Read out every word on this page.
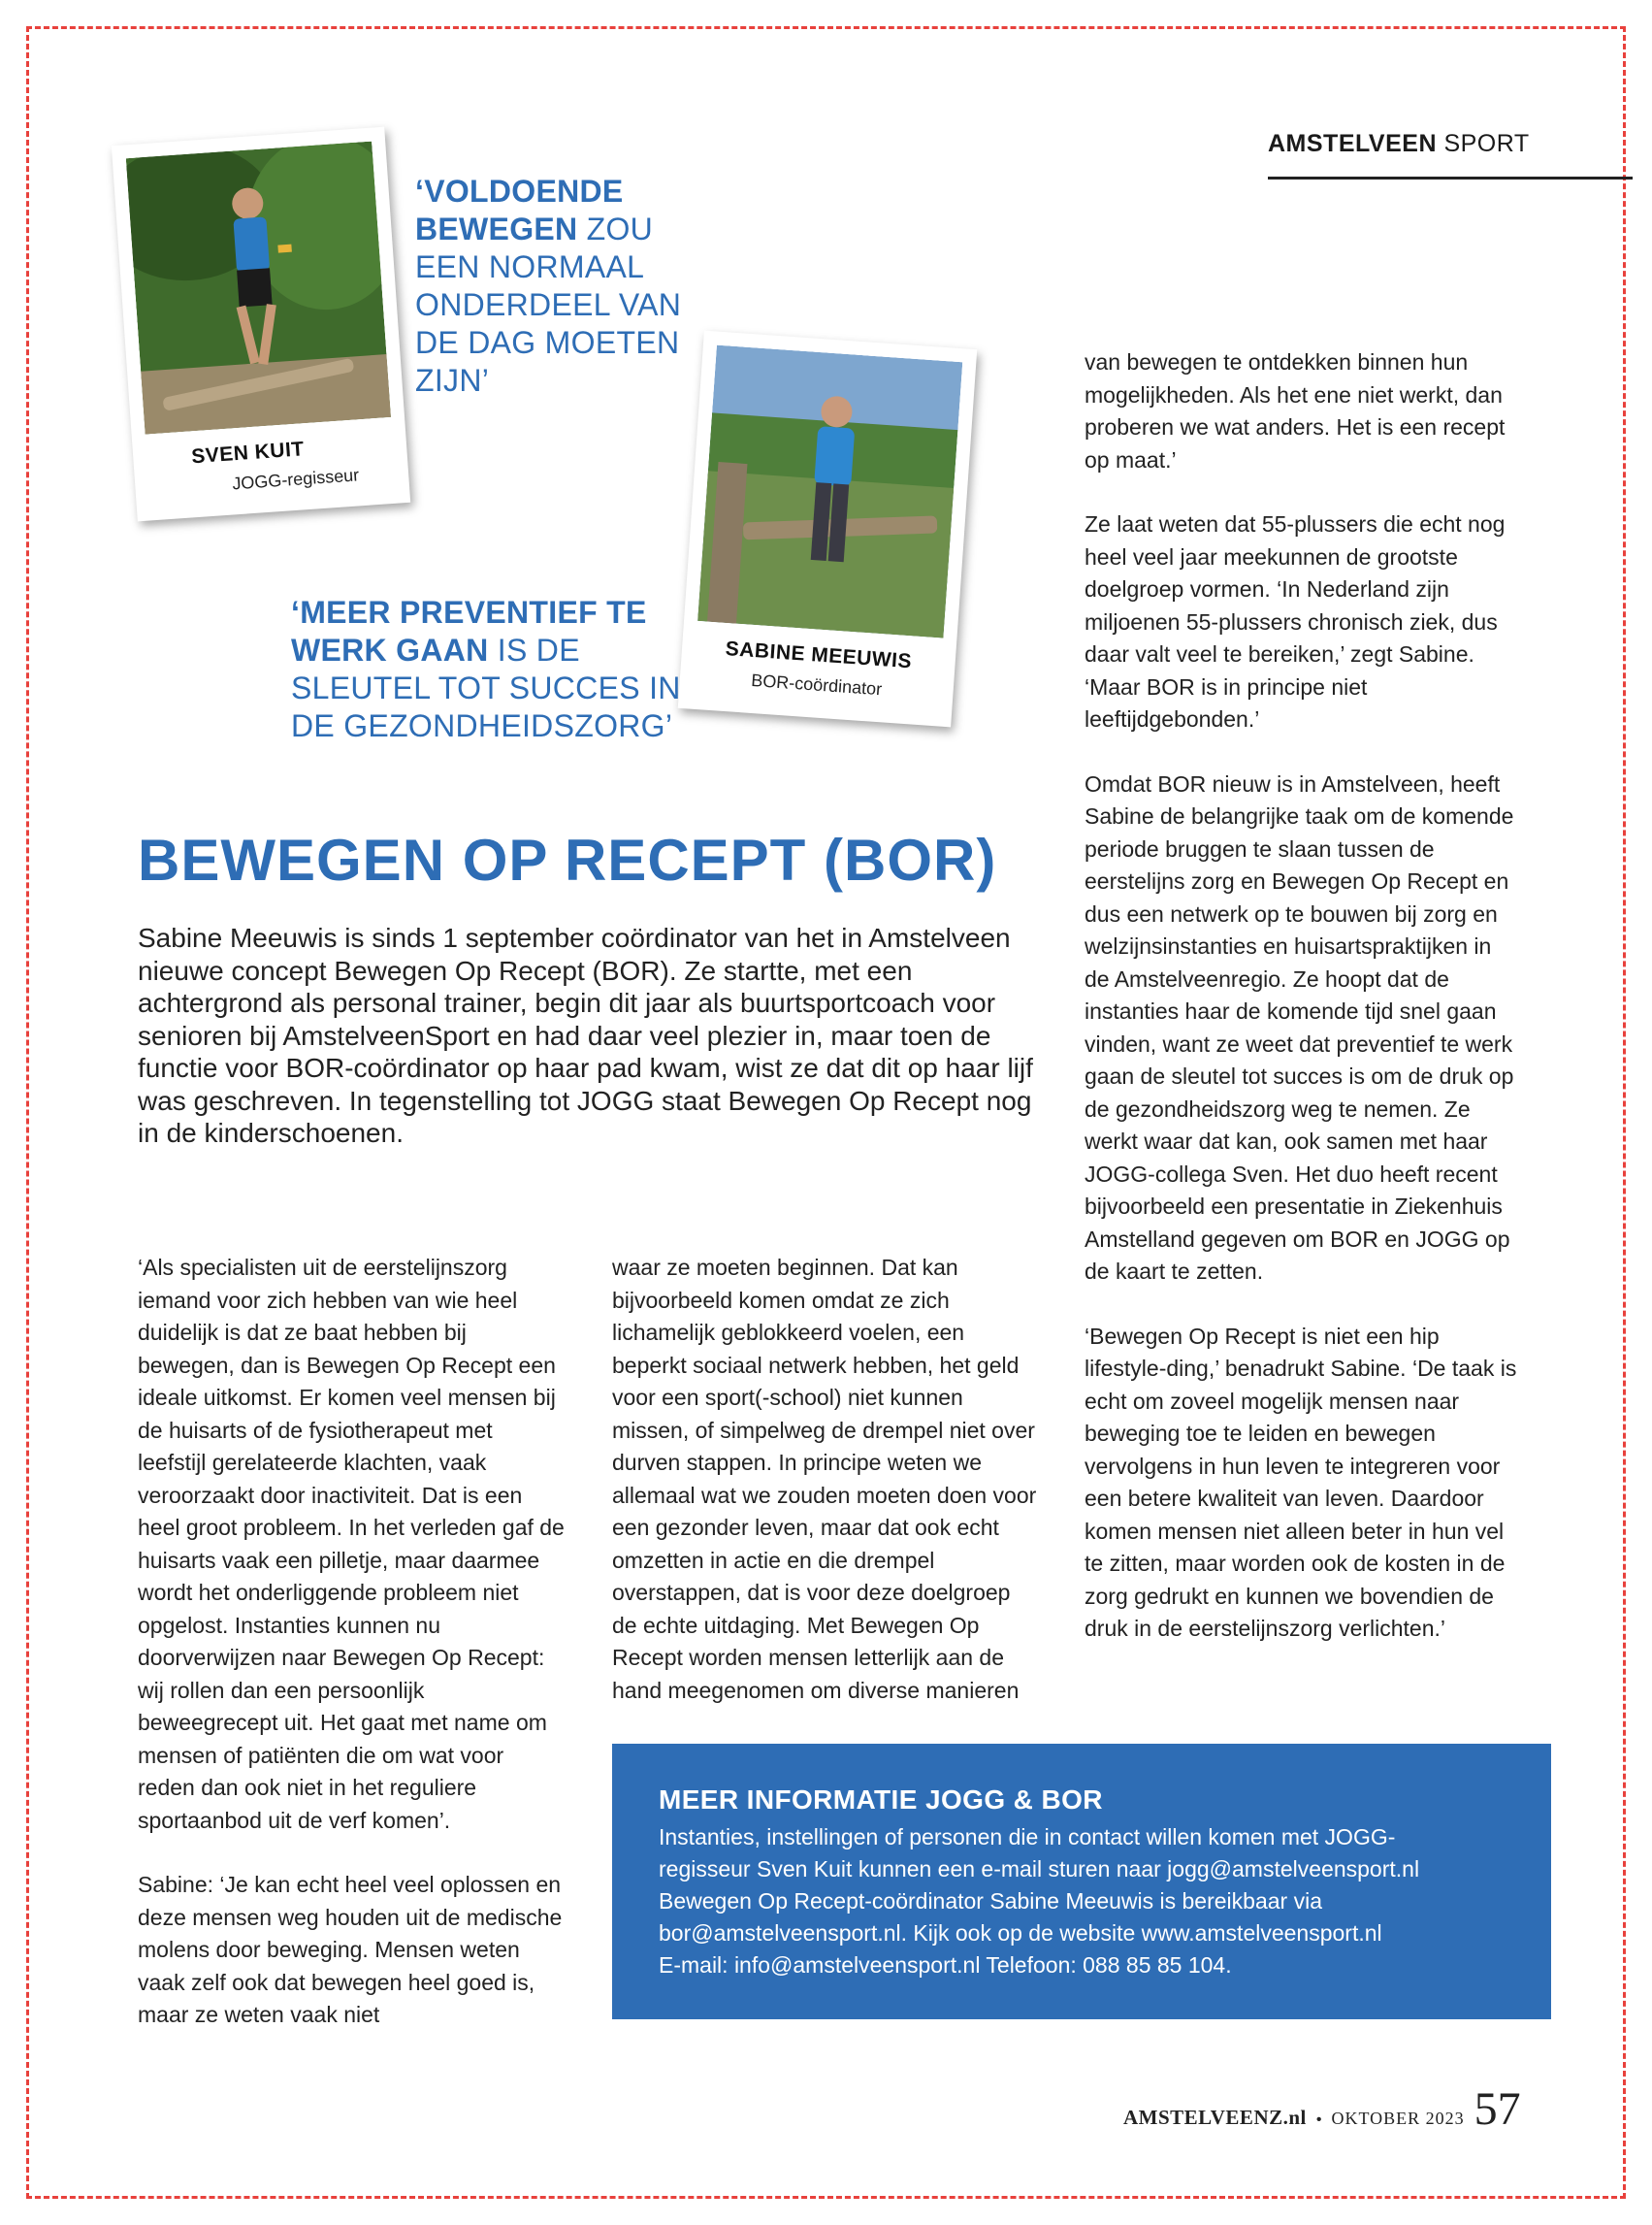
AMSTELVEEN SPORT
SVEN KUIT
JOGG-regisseur
SABINE MEEUWIS
BOR-coördinator
‘VOLDOENDE BEWEGEN ZOU EEN NORMAAL ONDERDEEL VAN DE DAG MOETEN ZIJN’
‘MEER PREVENTIEF TE WERK GAAN IS DE SLEUTEL TOT SUCCES IN DE GEZONDHEIDSZORG’
BEWEGEN OP RECEPT (BOR)

Sabine Meeuwis is sinds 1 september coördinator van het in Amstelveen nieuwe concept Bewegen Op Recept (BOR). Ze startte, met een achtergrond als personal trainer, begin dit jaar als buurtsportcoach voor senioren bij AmstelveenSport en had daar veel plezier in, maar toen de functie voor BOR-coördinator op haar pad kwam, wist ze dat dit op haar lijf was geschreven. In tegenstelling tot JOGG staat Bewegen Op Recept nog in de kinderschoenen.

‘Als specialisten uit de eerstelijnszorg iemand voor zich hebben van wie heel duidelijk is dat ze baat hebben bij bewegen, dan is Bewegen Op Recept een ideale uitkomst. Er komen veel mensen bij de huisarts of de fysiotherapeut met leefstijl gerelateerde klachten, vaak veroorzaakt door inactiviteit. Dat is een heel groot probleem. In het verleden gaf de huisarts vaak een pilletje, maar daarmee wordt het onderliggende probleem niet opgelost. Instanties kunnen nu doorverwijzen naar Bewegen Op Recept: wij rollen dan een persoonlijk beweegrecept uit. Het gaat met name om mensen of patiënten die om wat voor reden dan ook niet in het reguliere sportaanbod uit de verf komen’.

Sabine: ‘Je kan echt heel veel oplossen en deze mensen weg houden uit de medische molens door beweging. Mensen weten vaak zelf ook dat bewegen heel goed is, maar ze weten vaak niet

waar ze moeten beginnen. Dat kan bijvoorbeeld komen omdat ze zich lichamelijk geblokkeerd voelen, een beperkt sociaal netwerk hebben, het geld voor een sport(-school) niet kunnen missen, of simpelweg de drempel niet over durven stappen. In principe weten we allemaal wat we zouden moeten doen voor een gezonder leven, maar dat ook echt omzetten in actie en die drempel overstappen, dat is voor deze doelgroep de echte uitdaging. Met Bewegen Op Recept worden mensen letterlijk aan de hand meegenomen om diverse manieren

van bewegen te ontdekken binnen hun mogelijkheden. Als het ene niet werkt, dan proberen we wat anders. Het is een recept op maat.’

Ze laat weten dat 55-plussers die echt nog heel veel jaar meekunnen de grootste doelgroep vormen. ‘In Nederland zijn miljoenen 55-plussers chronisch ziek, dus daar valt veel te bereiken,’ zegt Sabine. ‘Maar BOR is in principe niet leeftijdgebonden.’

Omdat BOR nieuw is in Amstelveen, heeft Sabine de belangrijke taak om de komende periode bruggen te slaan tussen de eerstelijns zorg en Bewegen Op Recept en dus een netwerk op te bouwen bij zorg en welzijnsinstanties en huisartspraktijken in de Amstelveenregio. Ze hoopt dat de instanties haar de komende tijd snel gaan vinden, want ze weet dat preventief te werk gaan de sleutel tot succes is om de druk op de gezondheidszorg weg te nemen. Ze werkt waar dat kan, ook samen met haar JOGG-collega Sven. Het duo heeft recent bijvoorbeeld een presentatie in Ziekenhuis Amstelland gegeven om BOR en JOGG op de kaart te zetten.

‘Bewegen Op Recept is niet een hip lifestyle-ding,’ benadrukt Sabine. ‘De taak is echt om zoveel mogelijk mensen naar beweging toe te leiden en bewegen vervolgens in hun leven te integreren voor een betere kwaliteit van leven. Daardoor komen mensen niet alleen beter in hun vel te zitten, maar worden ook de kosten in de zorg gedrukt en kunnen we bovendien de druk in de eerstelijnszorg verlichten.’

MEER INFORMATIE JOGG & BOR
Instanties, instellingen of personen die in contact willen komen met JOGG-
regisseur Sven Kuit kunnen een e-mail sturen naar jogg@amstelveensport.nl
Bewegen Op Recept-coördinator Sabine Meeuwis is bereikbaar via
bor@amstelveensport.nl. Kijk ook op de website www.amstelveensport.nl
E-mail: info@amstelveensport.nl Telefoon: 088 85 85 104.
AMSTELVEENZ.nl • OKTOBER 2023 57
